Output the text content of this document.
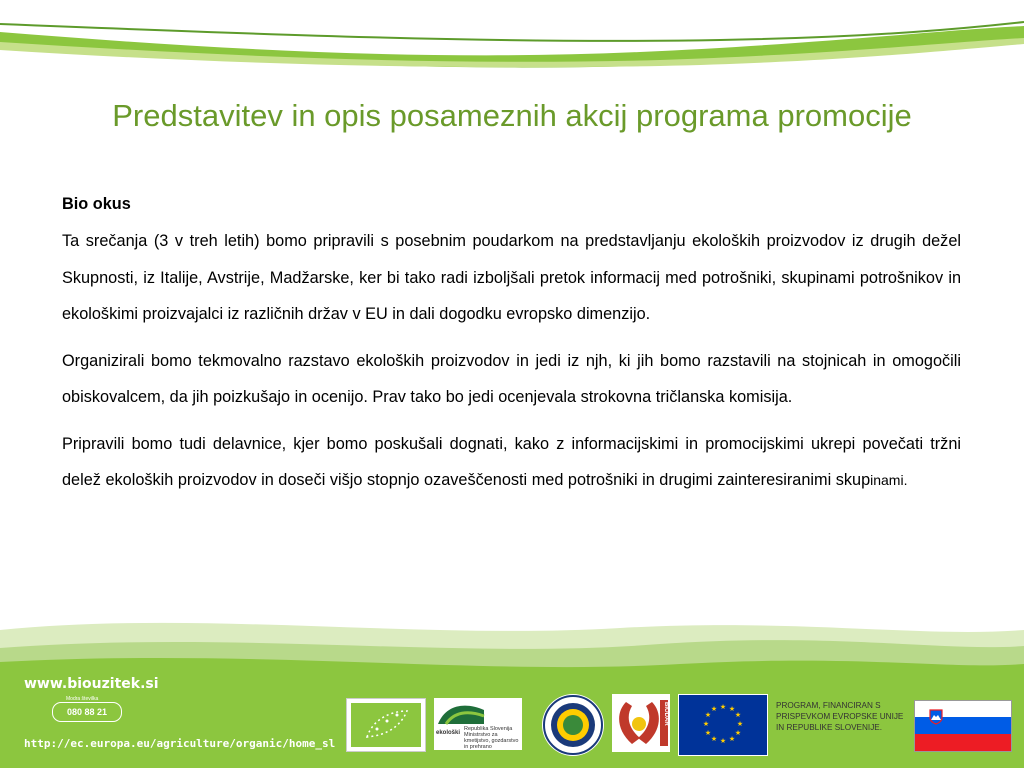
Predstavitev in opis posameznih akcij programa promocije

Bio okus

Ta srečanja (3 v treh letih) bomo pripravili s posebnim poudarkom na predstavljanju ekoloških proizvodov iz drugih dežel Skupnosti, iz Italije, Avstrije, Madžarske, ker bi tako radi izboljšali pretok informacij med potrošniki, skupinami potrošnikov in ekološkimi proizvajalci iz različnih držav v EU in dali dogodku evropsko dimenzijo.

Organizirali bomo tekmovalno razstavo ekoloških proizvodov in jedi iz njh, ki jih bomo razstavili na stojnicah in omogočili obiskovalcem, da jih poizkušajo in ocenijo. Prav tako bo jedi ocenjevala strokovna tričlanska komisija.

Pripravili bomo tudi delavnice, kjer bomo poskušali dognati, kako z informacijskimi in promocijskimi ukrepi povečati tržni delež ekoloških proizvodov in doseči višjo stopnjo ozaveščenosti med potrošniki in drugimi zainteresiranimi skupinami.

www.biouzitek.si
Modra številka
080 88 21
http://ec.europa.eu/agriculture/organic/home_sl
ekološki
Republika Slovenija Ministrstvo za kmetijstvo, gozdarstvo in prehrano
BIODAR	★ ★
★
★
★
★
★
★
★
★
★
★	PROGRAM, FINANCIRAN S PRISPEVKOM EVROPSKE UNIJE IN REPUBLIKE SLOVENIJE.
